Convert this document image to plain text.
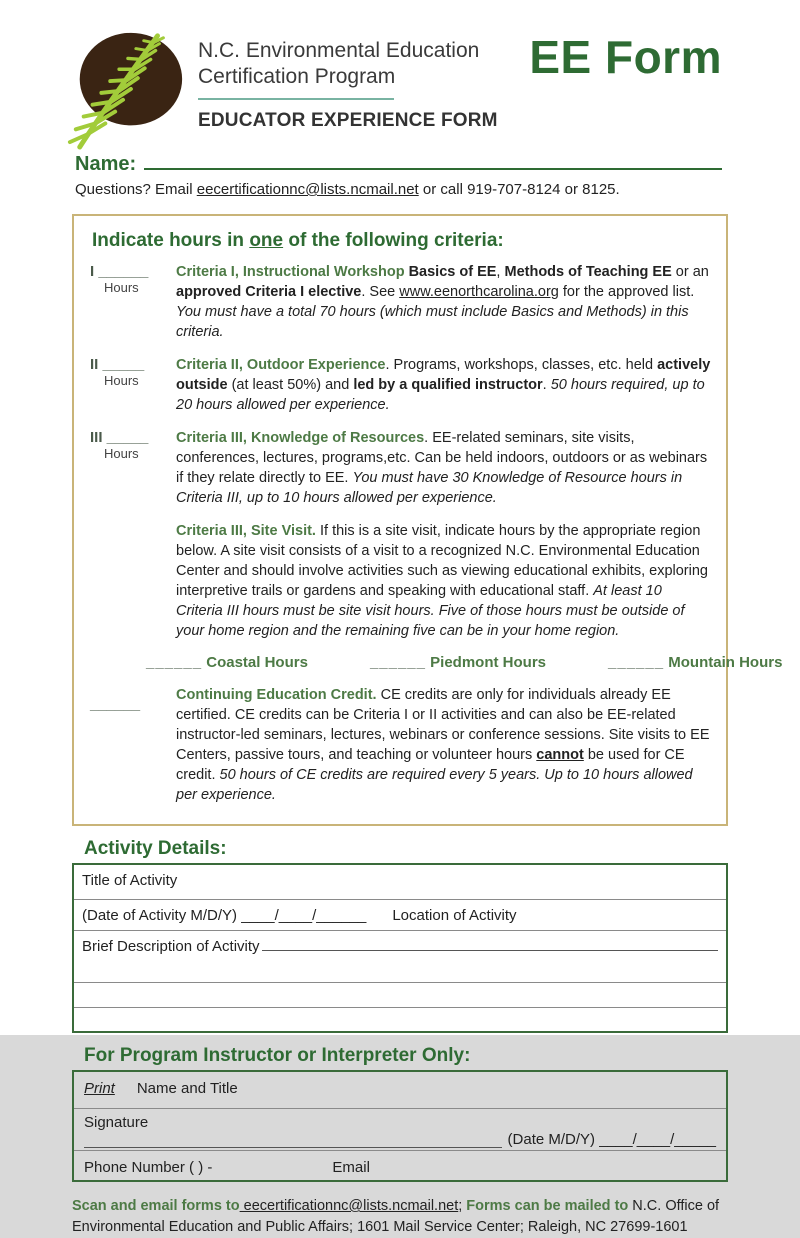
N.C. Environmental Education
Certification Program
EDUCATOR EXPERIENCE FORM
EE Form
Name:
Questions? Email eecertificationnc@lists.ncmail.net or call 919-707-8124 or 8125.
Indicate hours in one of the following criteria:
I ______
Hours
Criteria I, Instructional Workshop Basics of EE, Methods of Teaching EE or an approved Criteria I elective. See www.eenorthcarolina.org for the approved list. You must have a total 70 hours (which must include Basics and Methods) in this criteria.
II _____
Hours
Criteria II, Outdoor Experience. Programs, workshops, classes, etc. held actively outside (at least 50%) and led by a qualified instructor. 50 hours required, up to 20 hours allowed per experience.
III _____
Hours
Criteria III, Knowledge of Resources. EE-related seminars, site visits, conferences, lectures, programs,etc. Can be held indoors, outdoors or as webinars if they relate directly to EE. You must have 30 Knowledge of Resource hours in Criteria III, up to 10 hours allowed per experience.
Criteria III, Site Visit. If this is a site visit, indicate hours by the appropriate region below. A site visit consists of a visit to a recognized N.C. Environmental Education Center and should involve activities such as viewing educational exhibits, exploring interpretive trails or gardens and speaking with educational staff. At least 10 Criteria III hours must be site visit hours. Five of those hours must be outside of your home region and the remaining five can be in your home region.
______ Coastal Hours	______ Piedmont Hours	______ Mountain Hours
______
Continuing Education Credit. CE credits are only for individuals already EE certified. CE credits can be Criteria I or II activities and can also be EE-related instructor-led seminars, lectures, webinars or conference sessions. Site visits to EE Centers, passive tours, and teaching or volunteer hours cannot be used for CE credit. 50 hours of CE credits are required every 5 years. Up to 10 hours allowed per experience.
Activity Details:
Title of Activity
(Date of Activity M/D/Y) ____/____/______ Location of Activity
Brief Description of Activity
For Program Instructor or Interpreter Only:
Print Name and Title
Signature
(Date M/D/Y) ____/____/_____
Phone Number ( ) -	Email
Scan and email forms to eecertificationnc@lists.ncmail.net; Forms can be mailed to N.C. Office of Environmental Education and Public Affairs; 1601 Mail Service Center; Raleigh, NC 27699-1601
